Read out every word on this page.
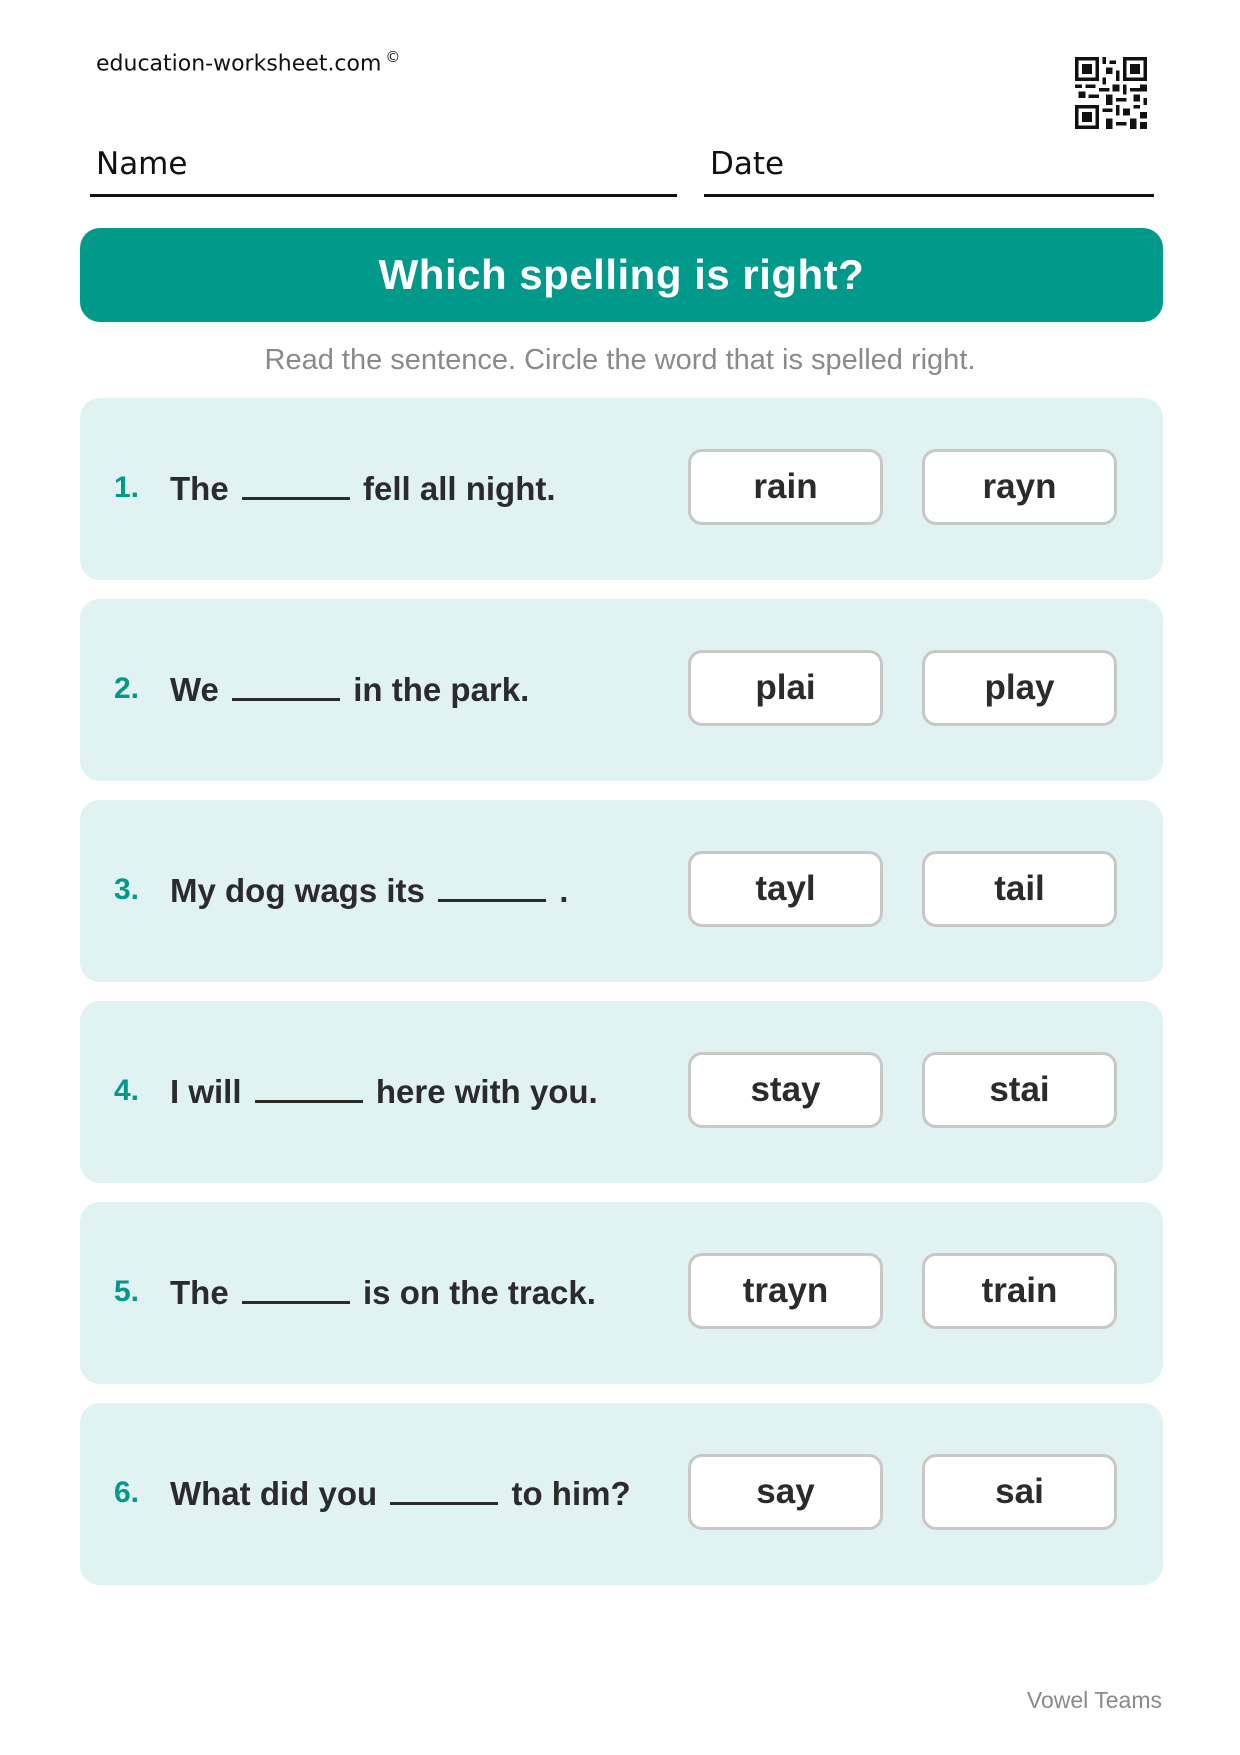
education-worksheet.com ©
Name	Date
Which spelling is right?
Read the sentence. Circle the word that is spelled right.
1. The	fell all night.	rain	rayn
2. We	in the park.	plai	play
3. My dog wags its	.	tayl	tail
4. I will	here with you.	stay	stai
5. The	is on the track.	trayn	train
6. What did you	to him?	say	sai
Vowel Teams
